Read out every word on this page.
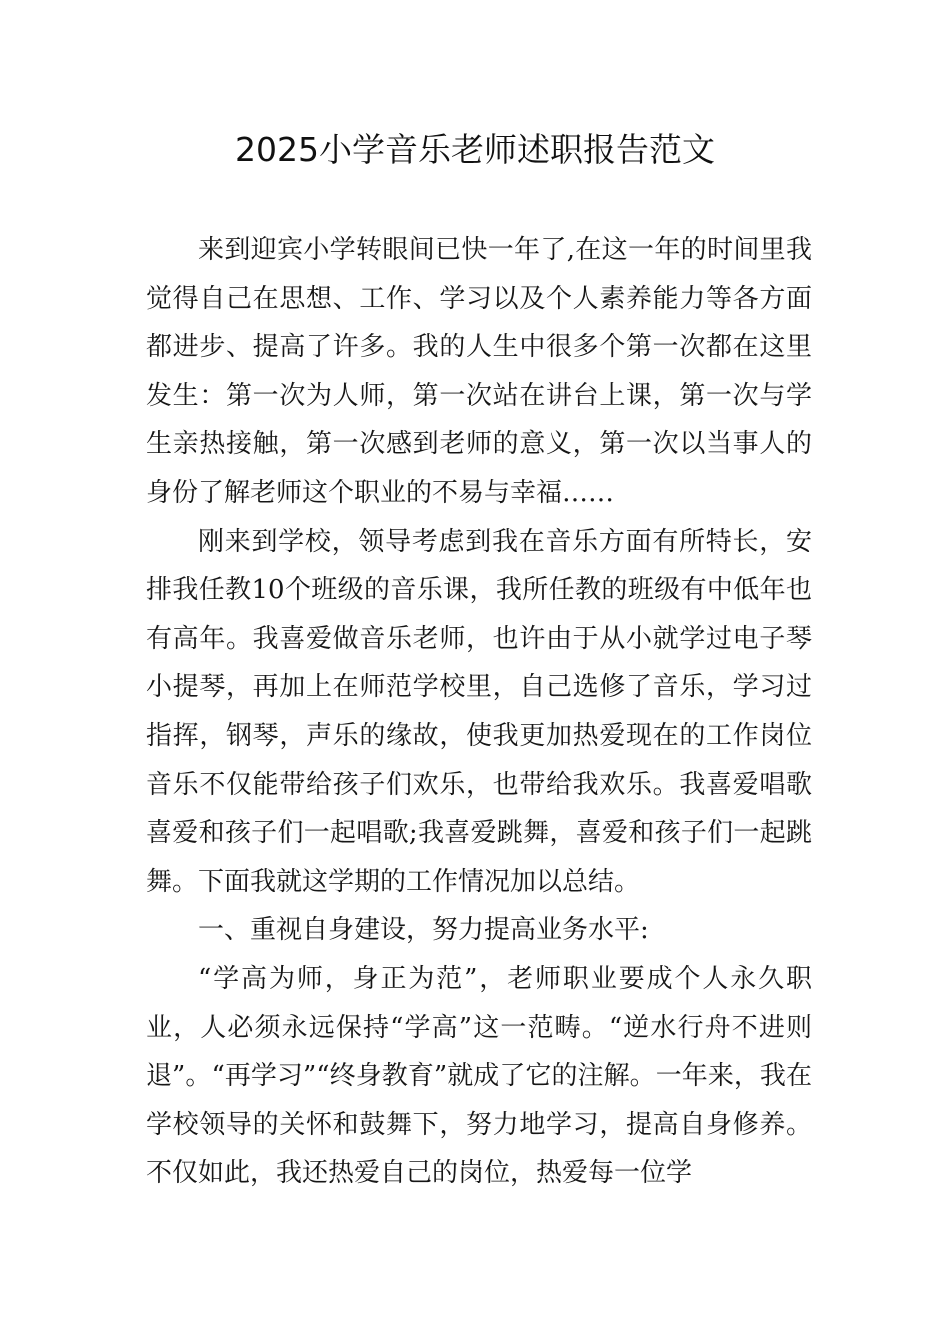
2025小学音乐老师述职报告范文

来到迎宾小学转眼间已快一年了,在这一年的时间里我觉得自己在思想、工作、学习以及个人素养能力等各方面都进步、提高了许多。我的人生中很多个第一次都在这里发生：第一次为人师，第一次站在讲台上课，第一次与学生亲热接触，第一次感到老师的意义，第一次以当事人的身份了解老师这个职业的不易与幸福……

刚来到学校，领导考虑到我在音乐方面有所特长，安排我任教10个班级的音乐课，我所任教的班级有中低年也有高年。我喜爱做音乐老师，也许由于从小就学过电子琴小提琴，再加上在师范学校里，自己选修了音乐，学习过指挥，钢琴，声乐的缘故，使我更加热爱现在的工作岗位音乐不仅能带给孩子们欢乐，也带给我欢乐。我喜爱唱歌喜爱和孩子们一起唱歌;我喜爱跳舞，喜爱和孩子们一起跳舞。下面我就这学期的工作情况加以总结。

一、重视自身建设，努力提高业务水平:

“学高为师，身正为范”，老师职业要成个人永久职业，人必须永远保持“学高”这一范畴。“逆水行舟不进则退”。“再学习”“终身教育”就成了它的注解。一年来，我在学校领导的关怀和鼓舞下，努力地学习，提高自身修养。不仅如此，我还热爱自己的岗位，热爱每一位学
